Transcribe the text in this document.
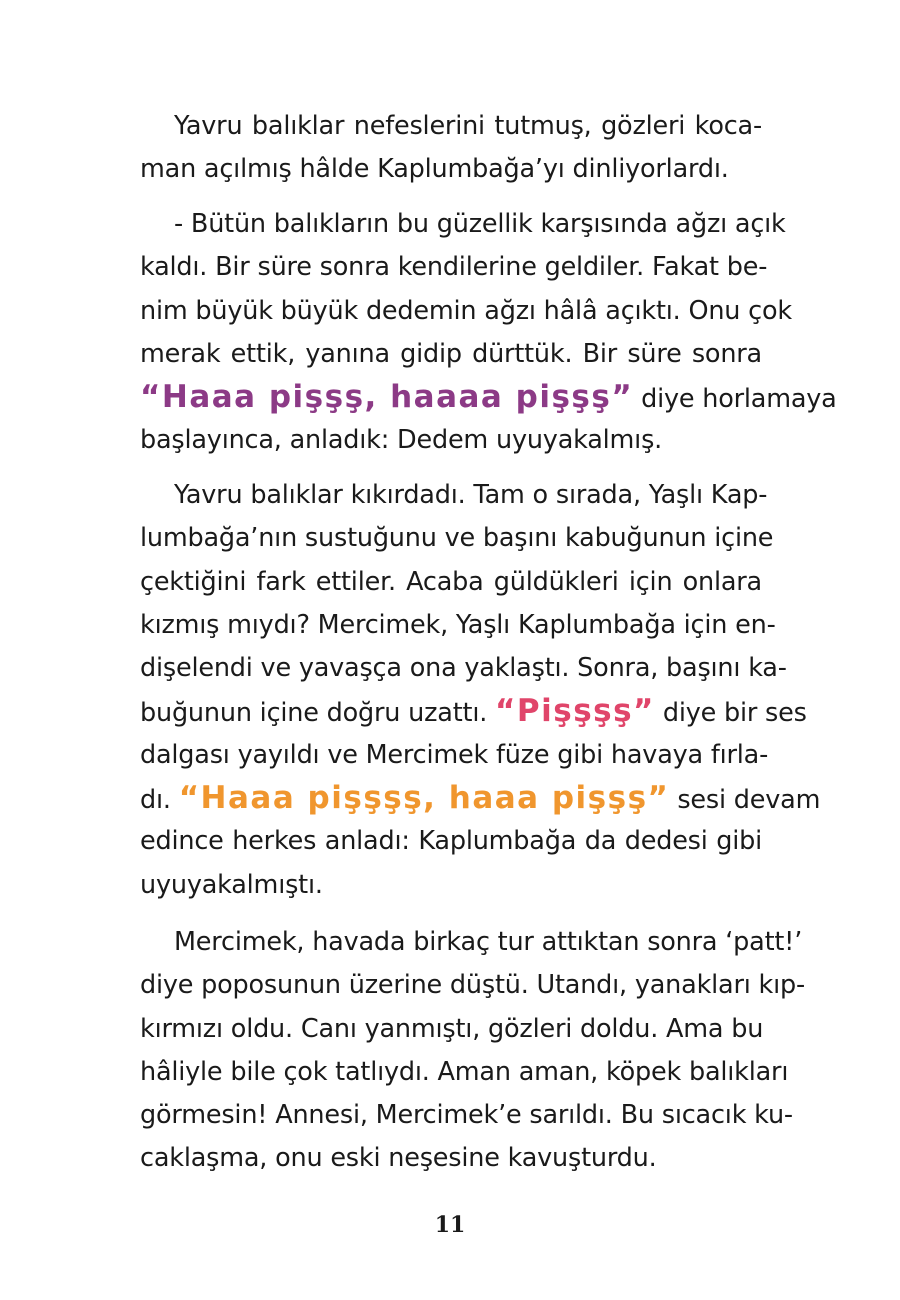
Yavru balıklar nefeslerini tutmuş, gözleri koca-
man açılmış hâlde Kaplumbağa’yı dinliyorlardı.
- Bütün balıkların bu güzellik karşısında ağzı açık
kaldı. Bir süre sonra kendilerine geldiler. Fakat be-
nim büyük büyük dedemin ağzı hâlâ açıktı. Onu çok
merak ettik, yanına gidip dürttük. Bir süre sonra
“Haaa pişşş, haaaa pişşş” diye horlamaya
başlayınca, anladık: Dedem uyuyakalmış.
Yavru balıklar kıkırdadı. Tam o sırada, Yaşlı Kap-
lumbağa’nın sustuğunu ve başını kabuğunun içine
çektiğini fark ettiler. Acaba güldükleri için onlara
kızmış mıydı? Mercimek, Yaşlı Kaplumbağa için en-
dişelendi ve yavaşça ona yaklaştı. Sonra, başını ka-
buğunun içine doğru uzattı. “Pişşşş” diye bir ses
dalgası yayıldı ve Mercimek füze gibi havaya fırla-
dı. “Haaa pişşşş, haaa pişşş” sesi devam
edince herkes anladı: Kaplumbağa da dedesi gibi
uyuyakalmıştı.
Mercimek, havada birkaç tur attıktan sonra ‘patt!’
diye poposunun üzerine düştü. Utandı, yanakları kıp-
kırmızı oldu. Canı yanmıştı, gözleri doldu. Ama bu
hâliyle bile çok tatlıydı. Aman aman, köpek balıkları
görmesin! Annesi, Mercimek’e sarıldı. Bu sıcacık ku-
caklaşma, onu eski neşesine kavuşturdu.
11
